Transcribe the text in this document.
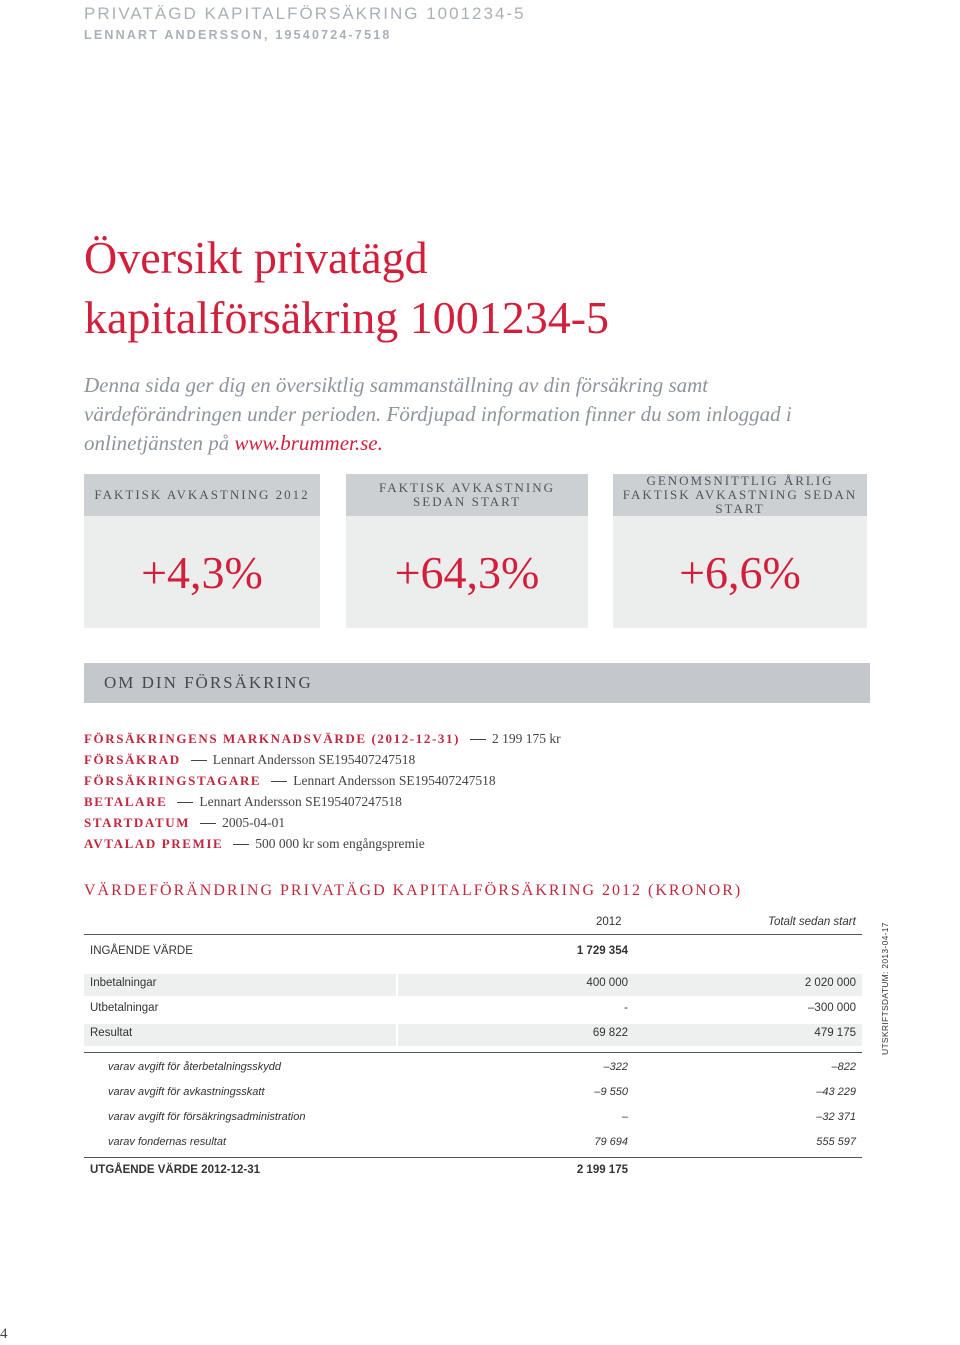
PRIVATÄGD KAPITALFÖRSÄKRING 1001234-5
LENNART ANDERSSON, 19540724-7518
Översikt privatägd
kapitalförsäkring 1001234-5
Denna sida ger dig en översiktlig sammanställning av din försäkring samt värdeförändringen under perioden. Fördjupad information finner du som inloggad i onlinetjänsten på www.brummer.se.
FAKTISK AVKASTNING 2012
+4,3%
FAKTISK AVKASTNING SEDAN START
+64,3%
GENOMSNITTLIG ÅRLIG FAKTISK AVKASTNING SEDAN START
+6,6%
OM DIN FÖRSÄKRING
FÖRSÄKRINGENS MARKNADSVÄRDE (2012-12-31) 2 199 175 kr
FÖRSÄKRAD Lennart Andersson SE195407247518
FÖRSÄKRINGSTAGARE Lennart Andersson SE195407247518
BETALARE Lennart Andersson SE195407247518
STARTDATUM 2005-04-01
AVTALAD PREMIE 500 000 kr som engångspremie
VÄRDEFÖRÄNDRING PRIVATÄGD KAPITALFÖRSÄKRING 2012 (KRONOR)
2012	Totalt sedan start
INGÅENDE VÄRDE	1 729 354
Inbetalningar	400 000	2 020 000
Utbetalningar	-	–300 000
Resultat	69 822	479 175
varav avgift för återbetalningsskydd	–322	–822
varav avgift för avkastningsskatt	–9 550	–43 229
varav avgift för försäkringsadministration	–	–32 371
varav fondernas resultat	79 694	555 597
UTGÅENDE VÄRDE 2012-12-31	2 199 175
UTSKRIFTSDATUM: 2013-04-17
4
